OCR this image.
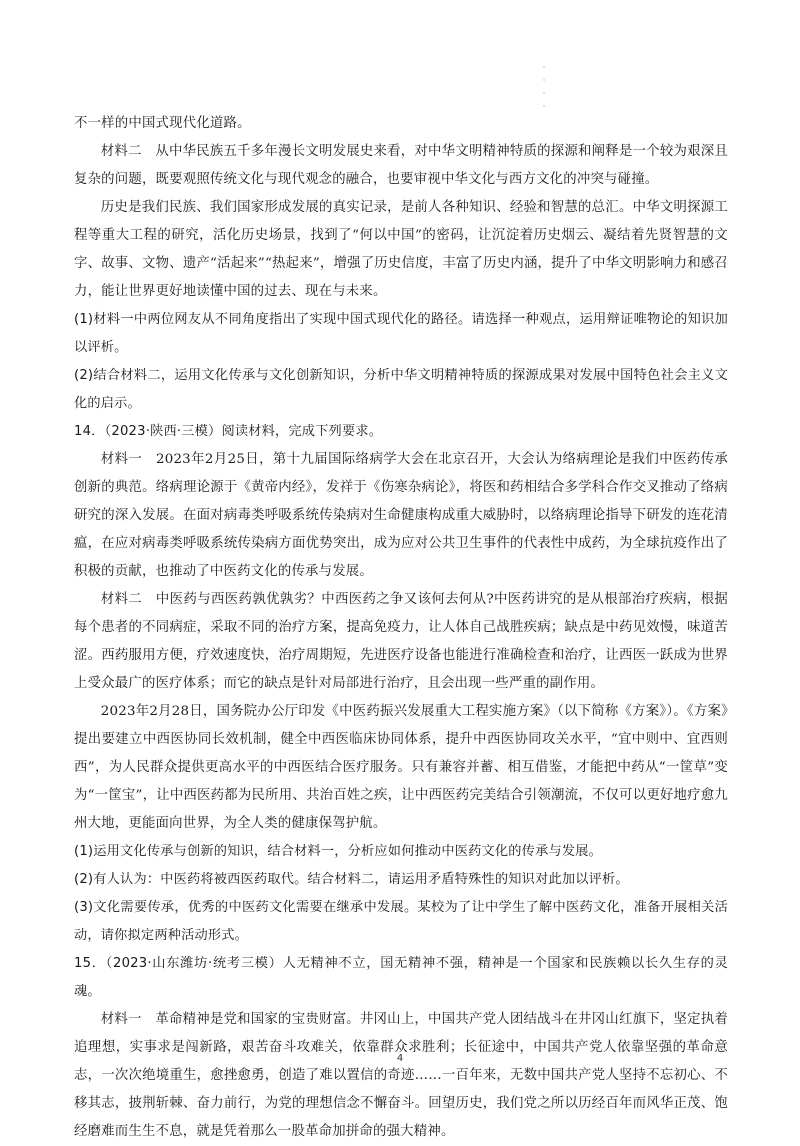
·
·
·
·

不一样的中国式现代化道路。

材料二　 从中华民族五千多年漫长文明发展史来看，对中华文明精神特质的探源和阐释是一个较为艰深且复杂的问题，既要观照传统文化与现代观念的融合，也要审视中华文化与西方文化的冲突与碰撞。

历史是我们民族、我们国家形成发展的真实记录，是前人各种知识、经验和智慧的总汇。中华文明探源工程等重大工程的研究，活化历史场景，找到了“何以中国”的密码，让沉淀着历史烟云、凝结着先贤智慧的文字、故事、文物、遗产“活起来”“热起来”，增强了历史信度，丰富了历史内涵，提升了中华文明影响力和感召力，能让世界更好地读懂中国的过去、现在与未来。

(1)材料一中两位网友从不同角度指出了实现中国式现代化的路径。请选择一种观点，运用辩证唯物论的知识加以评析。

(2)结合材料二，运用文化传承与文化创新知识，分析中华文明精神特质的探源成果对发展中国特色社会主义文化的启示。

14．（2023·陕西·三模）阅读材料，完成下列要求。

材料一　 2023年2月25日，第十九届国际络病学大会在北京召开，大会认为络病理论是我们中医药传承创新的典范。络病理论源于《黄帝内经》，发祥于《伤寒杂病论》，将医和药相结合多学科合作交叉推动了络病研究的深入发展。在面对病毒类呼吸系统传染病对生命健康构成重大威胁时，以络病理论指导下研发的连花清瘟，在应对病毒类呼吸系统传染病方面优势突出，成为应对公共卫生事件的代表性中成药，为全球抗疫作出了积极的贡献，也推动了中医药文化的传承与发展。

材料二　 中医药与西医药孰优孰劣？中西医药之争又该何去何从?中医药讲究的是从根部治疗疾病，根据每个患者的不同病症，采取不同的治疗方案，提高免疫力，让人体自己战胜疾病；缺点是中药见效慢，味道苦涩。西药服用方便，疗效速度快，治疗周期短，先进医疗设备也能进行准确检查和治疗，让西医一跃成为世界上受众最广的医疗体系；而它的缺点是针对局部进行治疗，且会出现一些严重的副作用。

2023年2月28日，国务院办公厅印发《中医药振兴发展重大工程实施方案》（以下简称《方案》）。《方案》提出要建立中西医协同长效机制，健全中西医临床协同体系，提升中西医协同攻关水平，“宜中则中、宜西则西”，为人民群众提供更高水平的中西医结合医疗服务。只有兼容并蓄、相互借鉴，才能把中药从“一筐草”变为“一筐宝”，让中西医药都为民所用、共治百姓之疾，让中西医药完美结合引领潮流，不仅可以更好地疗愈九州大地，更能面向世界，为全人类的健康保驾护航。

(1)运用文化传承与创新的知识，结合材料一，分析应如何推动中医药文化的传承与发展。

(2)有人认为：中医药将被西医药取代。结合材料二，请运用矛盾特殊性的知识对此加以评析。

(3)文化需要传承，优秀的中医药文化需要在继承中发展。某校为了让中学生了解中医药文化，准备开展相关活动，请你拟定两种活动形式。

15．（2023·山东潍坊·统考三模）人无精神不立，国无精神不强，精神是一个国家和民族赖以长久生存的灵魂。

材料一　 革命精神是党和国家的宝贵财富。井冈山上，中国共产党人团结战斗在井冈山红旗下，坚定执着追理想，实事求是闯新路，艰苦奋斗攻难关，依靠群众求胜利；长征途中，中国共产党人依靠坚强的革命意志，一次次绝境重生，愈挫愈勇，创造了难以置信的奇迹……一百年来，无数中国共产党人坚持不忘初心、不移其志，披荆斩棘、奋力前行，为党的理想信念不懈奋斗。回望历史，我们党之所以历经百年而风华正茂、饱经磨难而生生不息，就是凭着那么一股革命加拼命的强大精神。

4
